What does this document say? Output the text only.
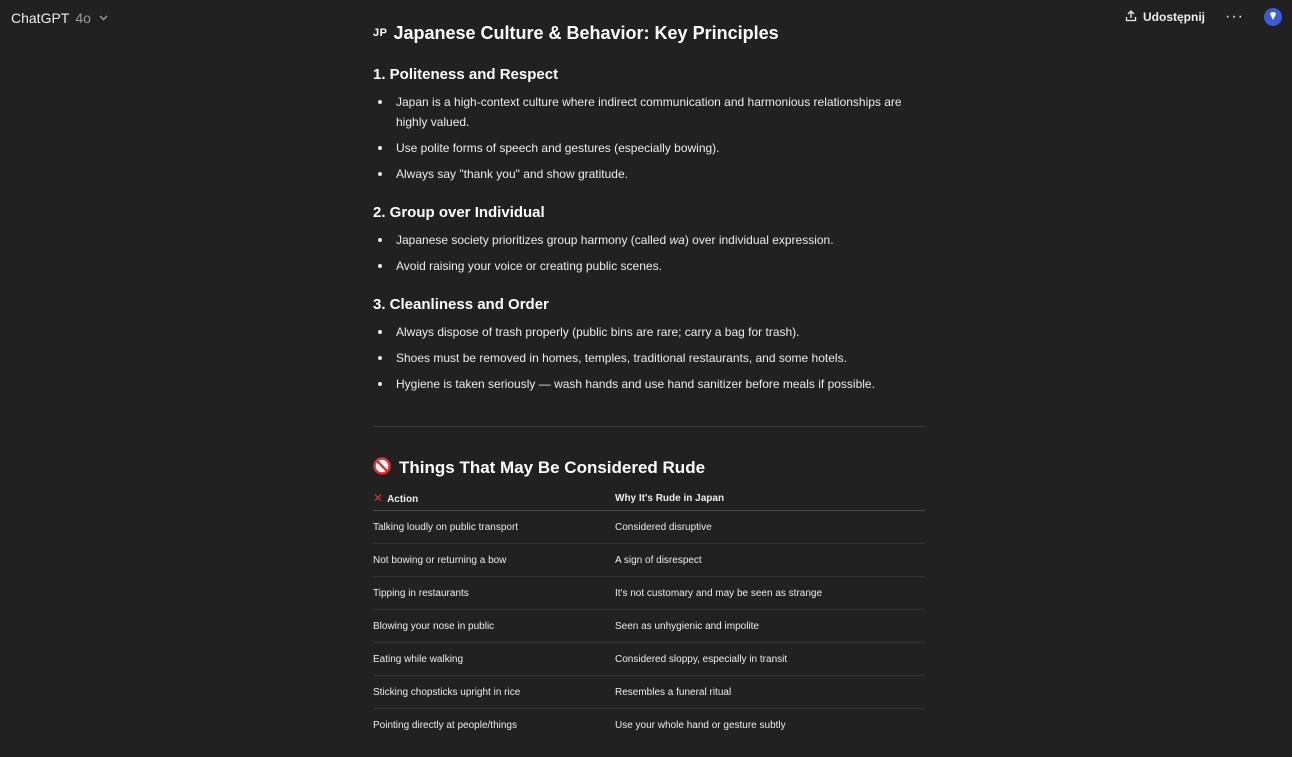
ChatGPT 4o	Udostępnij ···
JP Japanese Culture & Behavior: Key Principles
1. Politeness and Respect
Japan is a high-context culture where indirect communication and harmonious relationships are highly valued.
Use polite forms of speech and gestures (especially bowing).
Always say "thank you" and show gratitude.
2. Group over Individual
Japanese society prioritizes group harmony (called wa) over individual expression.
Avoid raising your voice or creating public scenes.
3. Cleanliness and Order
Always dispose of trash properly (public bins are rare; carry a bag for trash).
Shoes must be removed in homes, temples, traditional restaurants, and some hotels.
Hygiene is taken seriously — wash hands and use hand sanitizer before meals if possible.
Things That May Be Considered Rude
✕ Action	Why It's Rude in Japan
Talking loudly on public transport	Considered disruptive
Not bowing or returning a bow	A sign of disrespect
Tipping in restaurants	It's not customary and may be seen as strange
Blowing your nose in public	Seen as unhygienic and impolite
Eating while walking	Considered sloppy, especially in transit
Sticking chopsticks upright in rice	Resembles a funeral ritual
Pointing directly at people/things	Use your whole hand or gesture subtly
